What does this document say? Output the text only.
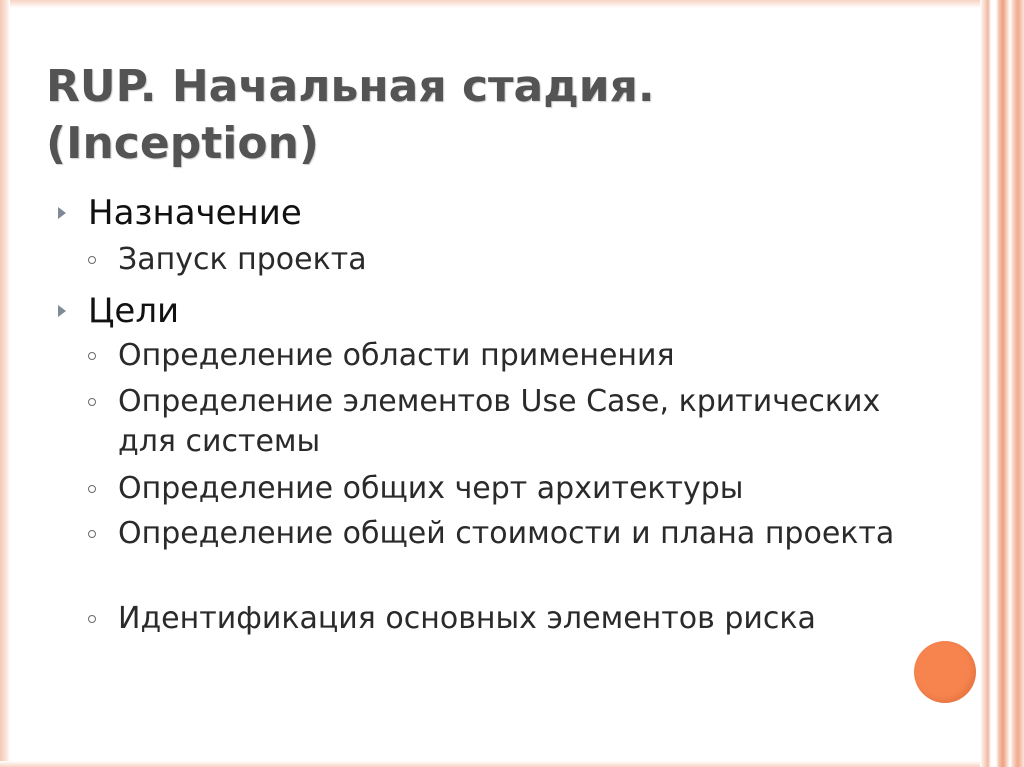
RUP. Начальная стадия.
(Inception)

Назначение

Запуск проекта

Цели

Определение области применения

Определение элементов Use Case, критических для системы

Определение общих черт архитектуры

Определение общей стоимости и плана проекта

Идентификация основных элементов риска
